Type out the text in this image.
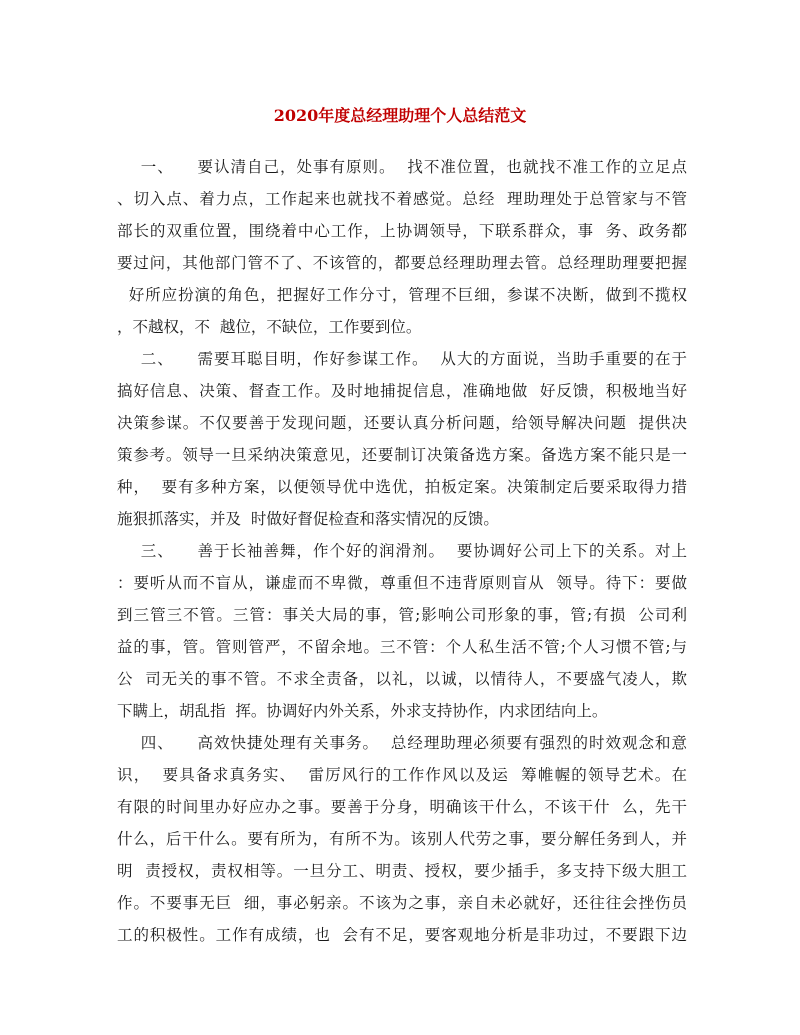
2020年度总经理助理个人总结范文
一、    要认清自己，处事有原则。  找不准位置，也就找不准工作的立足点
、切入点、着力点，工作起来也就找不着感觉。总经  理助理处于总管家与不管
部长的双重位置，围绕着中心工作，上协调领导，下联系群众，事  务、政务都
要过问，其他部门管不了、不该管的，都要总经理助理去管。总经理助理要把握
好所应扮演的角色，把握好工作分寸，管理不巨细，参谋不决断，做到不揽权
，不越权，不  越位，不缺位，工作要到位。
二、    需要耳聪目明，作好参谋工作。  从大的方面说，当助手重要的在于
搞好信息、决策、督查工作。及时地捕捉信息，准确地做  好反馈，积极地当好
决策参谋。不仅要善于发现问题，还要认真分析问题，给领导解决问题  提供决
策参考。领导一旦采纳决策意见，还要制订决策备选方案。备选方案不能只是一
种，  要有多种方案，以便领导优中选优，拍板定案。决策制定后要采取得力措
施狠抓落实，并及  时做好督促检查和落实情况的反馈。
三、    善于长袖善舞，作个好的润滑剂。  要协调好公司上下的关系。对上
：要听从而不盲从，谦虚而不卑微，尊重但不违背原则盲从  领导。待下：要做
到三管三不管。三管：事关大局的事，管;影响公司形象的事，管;有损  公司利
益的事，管。管则管严，不留余地。三不管：个人私生活不管;个人习惯不管;与
公  司无关的事不管。不求全责备，以礼，以诚，以情待人，不要盛气凌人，欺
下瞒上，胡乱指  挥。协调好内外关系，外求支持协作，内求团结向上。
四、    高效快捷处理有关事务。  总经理助理必须要有强烈的时效观念和意
识，  要具备求真务实、  雷厉风行的工作作风以及运  筹帷幄的领导艺术。在
有限的时间里办好应办之事。要善于分身，明确该干什么，不该干什  么，先干
什么，后干什么。要有所为，有所不为。该别人代劳之事，要分解任务到人，并
明  责授权，责权相等。一旦分工、明责、授权，要少插手，多支持下级大胆工
作。不要事无巨  细，事必躬亲。不该为之事，亲自未必就好，还往往会挫伤员
工的积极性。工作有成绩，也  会有不足，要客观地分析是非功过，不要跟下边
